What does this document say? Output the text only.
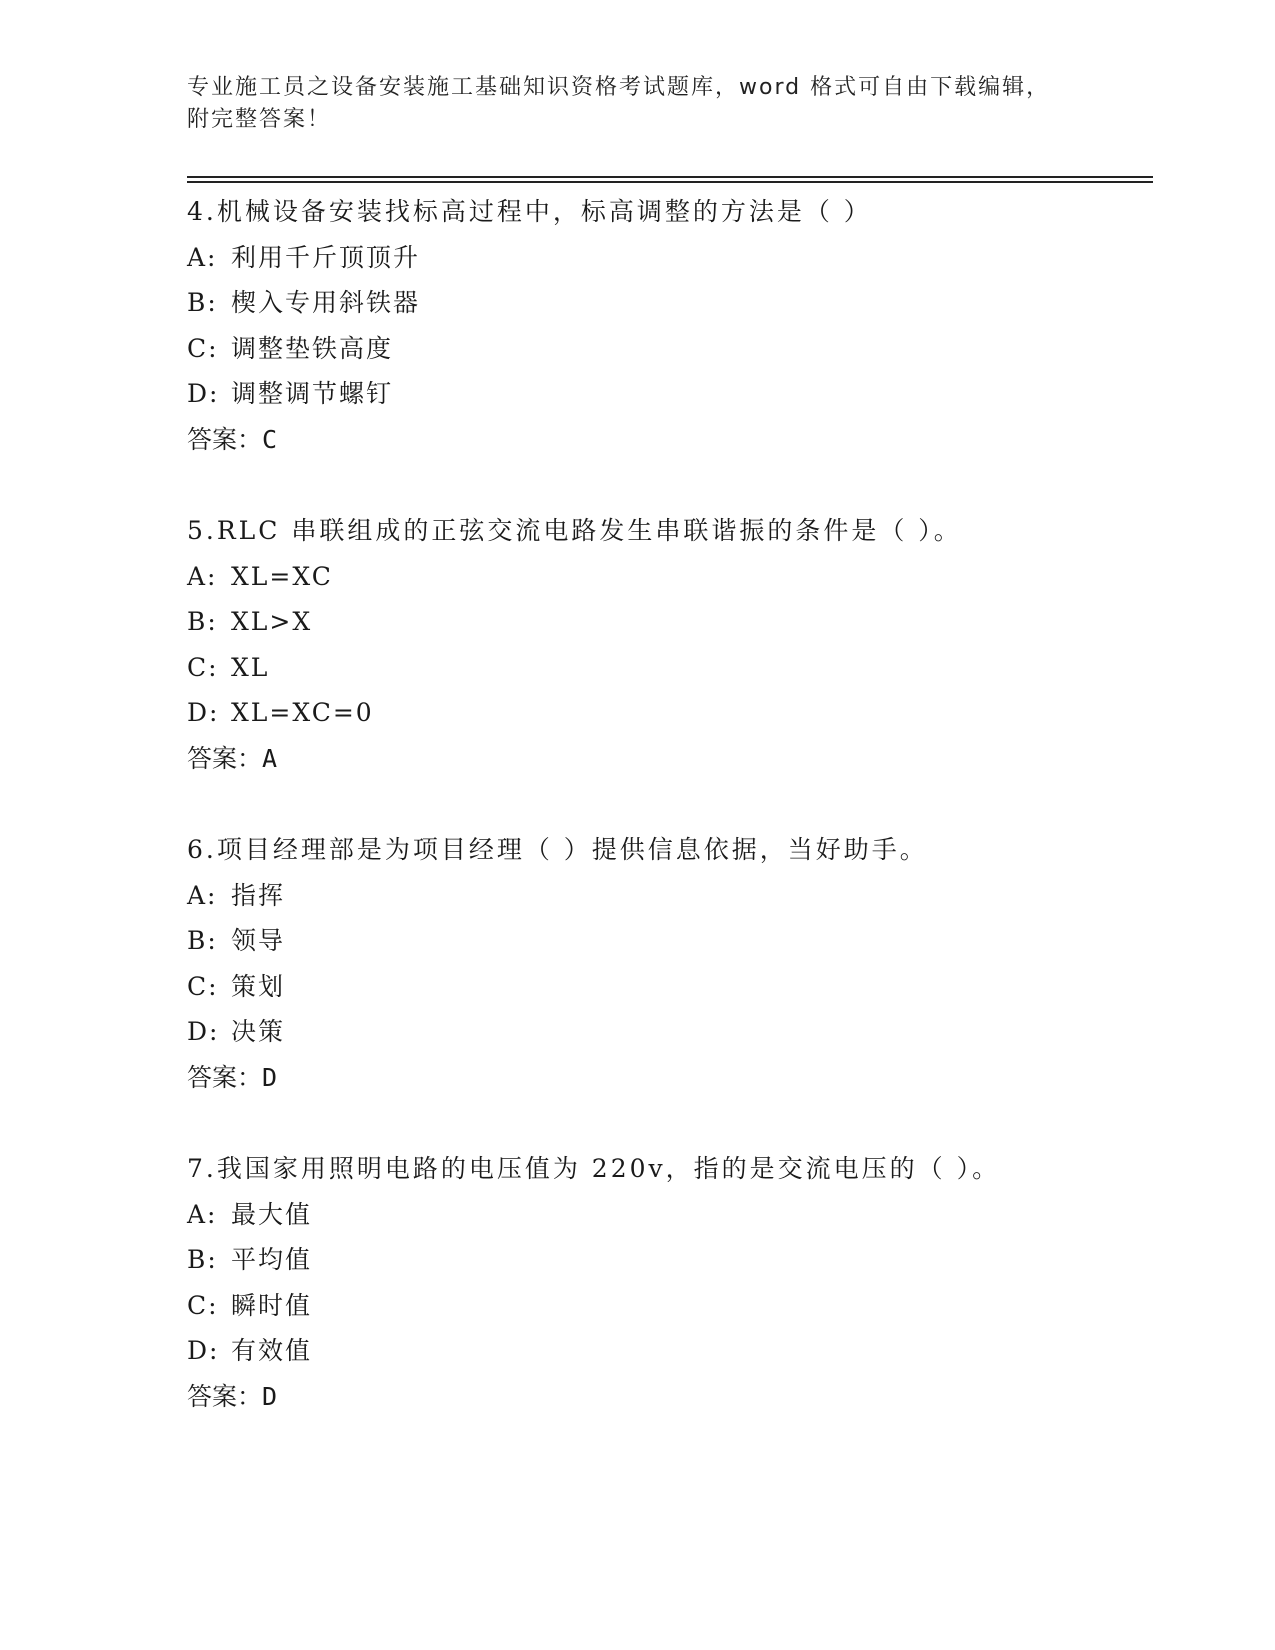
专业施工员之设备安装施工基础知识资格考试题库，word 格式可自由下载编辑，
附完整答案！
4.机械设备安装找标高过程中，标高调整的方法是（ ）
A: 利用千斤顶顶升
B: 楔入专用斜铁器
C: 调整垫铁高度
D: 调整调节螺钉
答案：C
5.RLC 串联组成的正弦交流电路发生串联谐振的条件是（ ）。
A: XL=XC
B: XL>X
C: XL
D: XL=XC=0
答案：A
6.项目经理部是为项目经理（ ）提供信息依据，当好助手。
A: 指挥
B: 领导
C: 策划
D: 决策
答案：D
7.我国家用照明电路的电压值为 220v，指的是交流电压的（ ）。
A: 最大值
B: 平均值
C: 瞬时值
D: 有效值
答案：D
